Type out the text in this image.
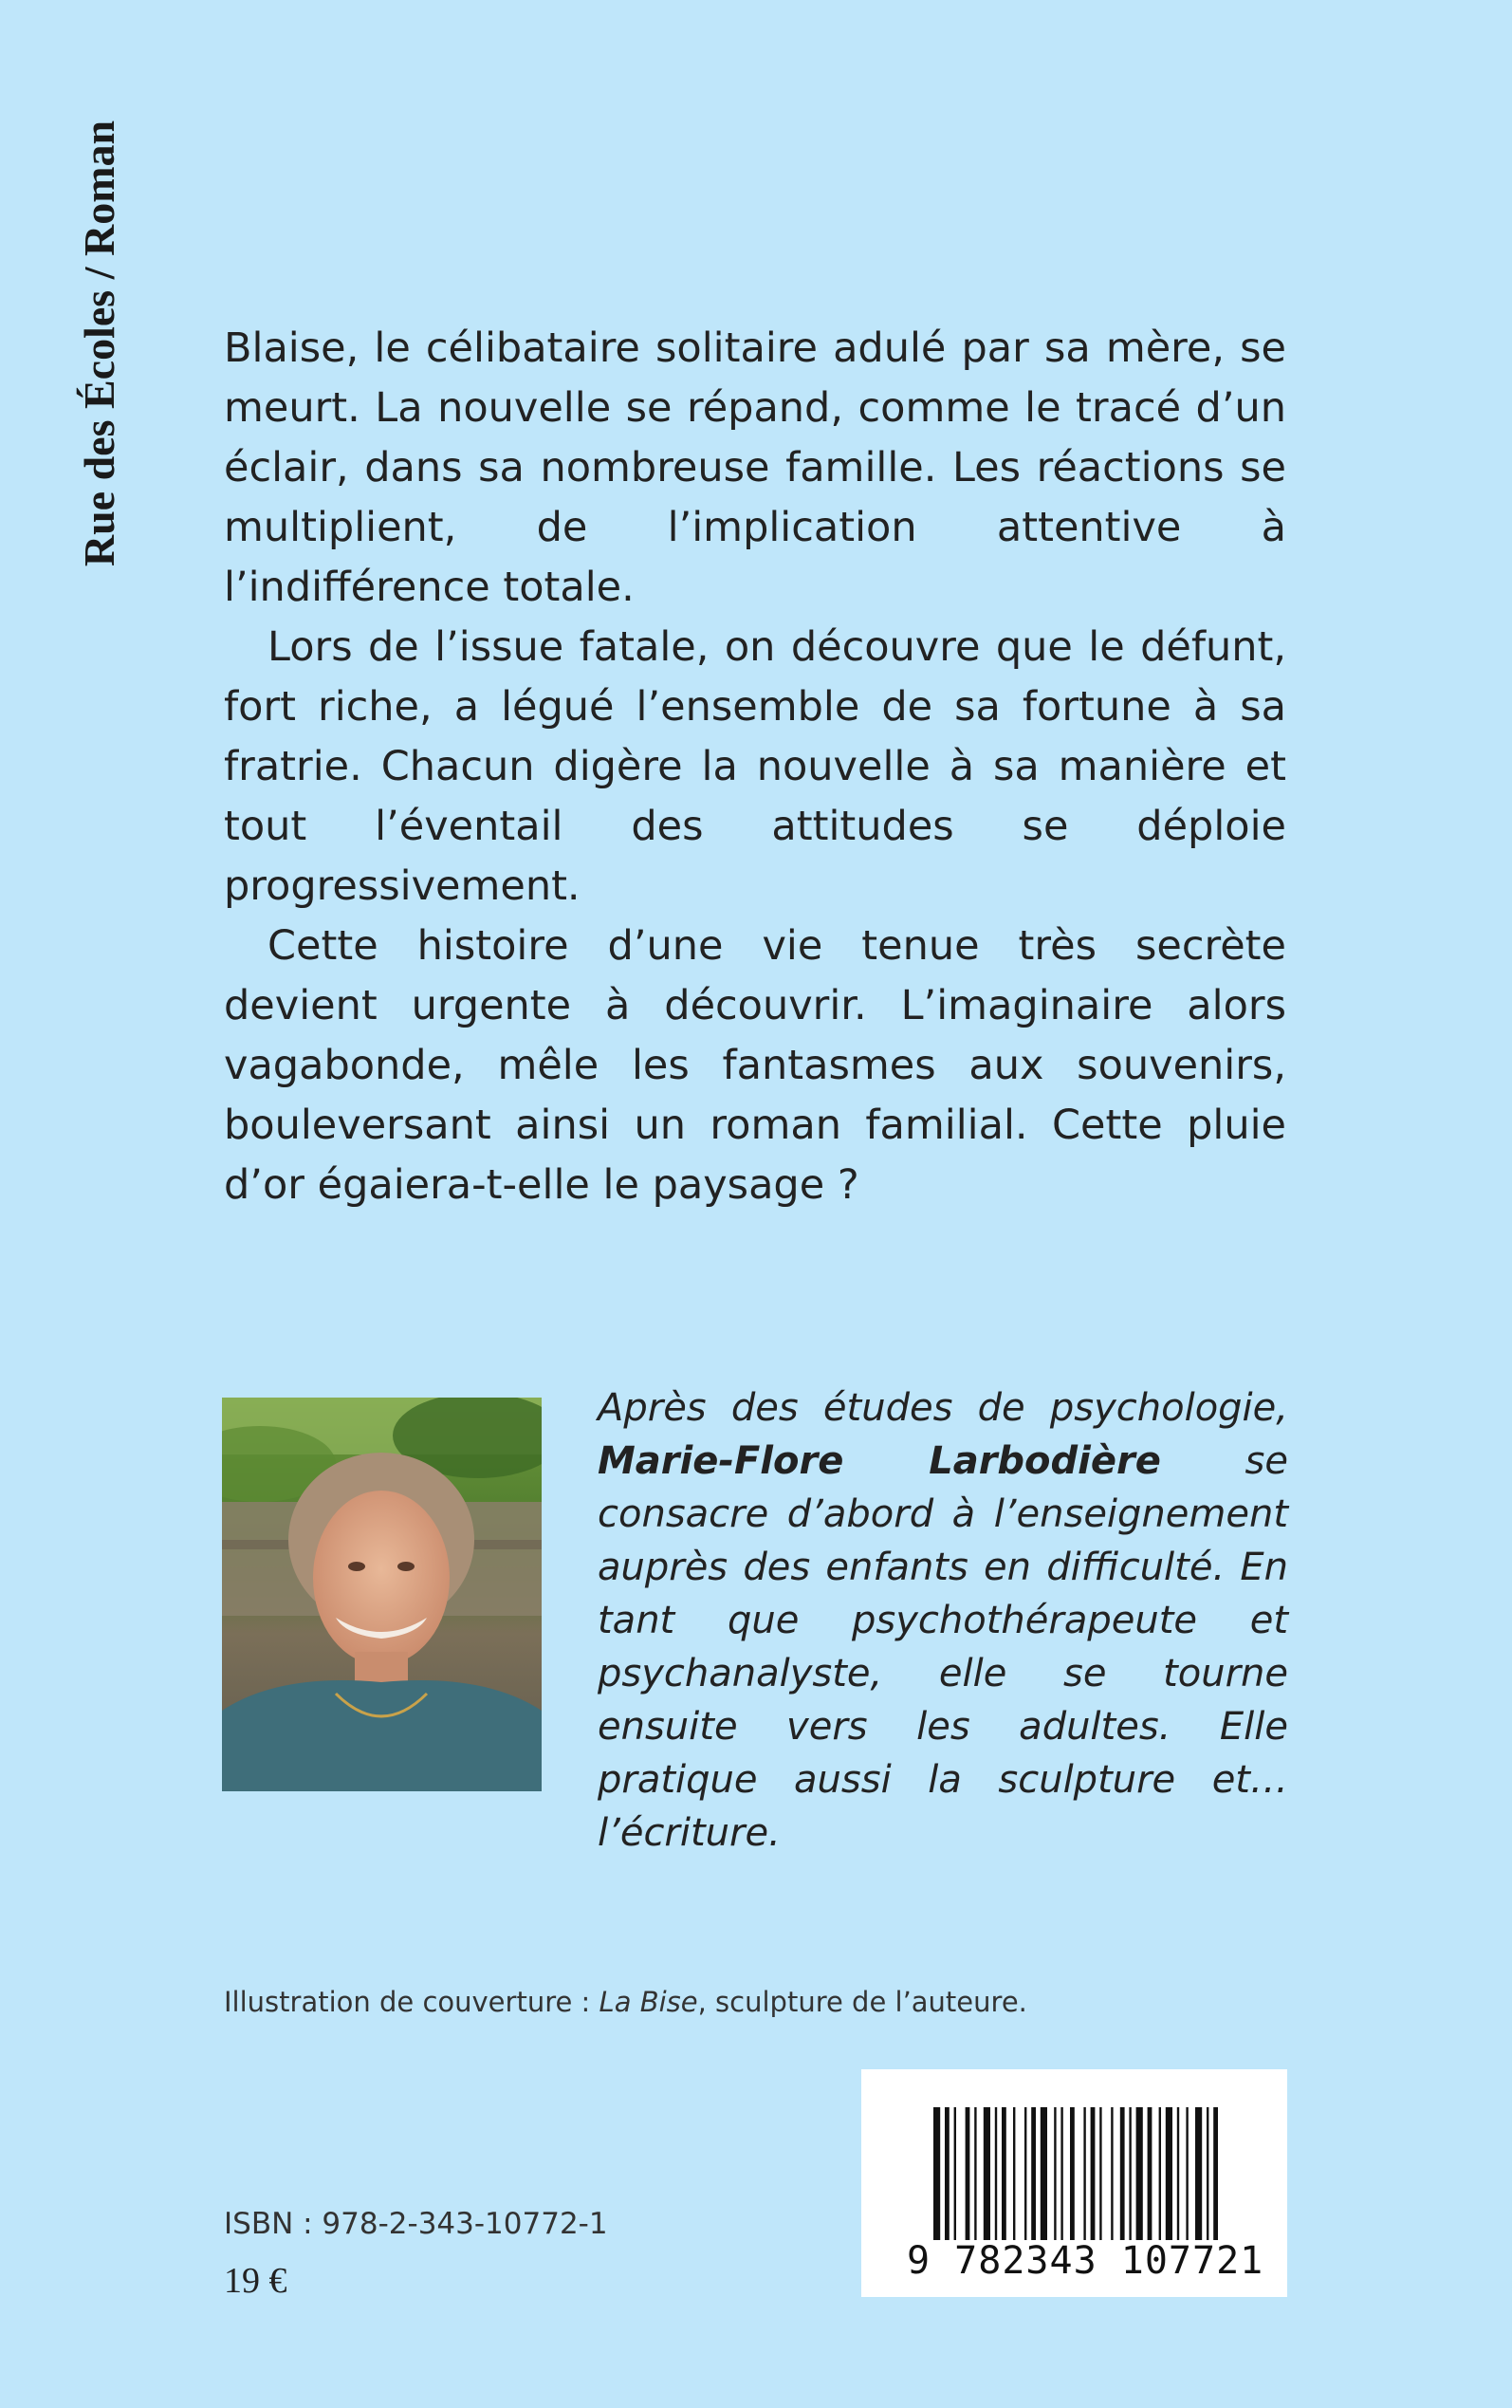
Rue des Écoles / Roman Blaise, le célibataire solitaire adulé par sa mère, se meurt. La nouvelle se répand, comme le tracé d’un éclair, dans sa nombreuse famille. Les réactions se multiplient, de l’implication attentive à l’indifférence totale.

Lors de l’issue fatale, on découvre que le défunt, fort riche, a légué l’ensemble de sa fortune à sa fratrie. Chacun digère la nouvelle à sa manière et tout l’éventail des attitudes se déploie progressivement.

Cette histoire d’une vie tenue très secrète devient urgente à découvrir. L’imaginaire alors vagabonde, mêle les fantasmes aux souvenirs, bouleversant ainsi un roman familial. Cette pluie d’or égaiera-t-elle le paysage ?

Après des études de psychologie, Marie-Flore Larbodière se consacre d’abord à l’enseignement auprès des enfants en difficulté. En tant que psychothérapeute et psychanalyste, elle se tourne ensuite vers les adultes. Elle pratique aussi la sculpture et… l’écriture.
Illustration de couverture : La Bise, sculpture de l’auteure.
ISBN : 978-2-343-10772-1
19 €	9 782343 107721
